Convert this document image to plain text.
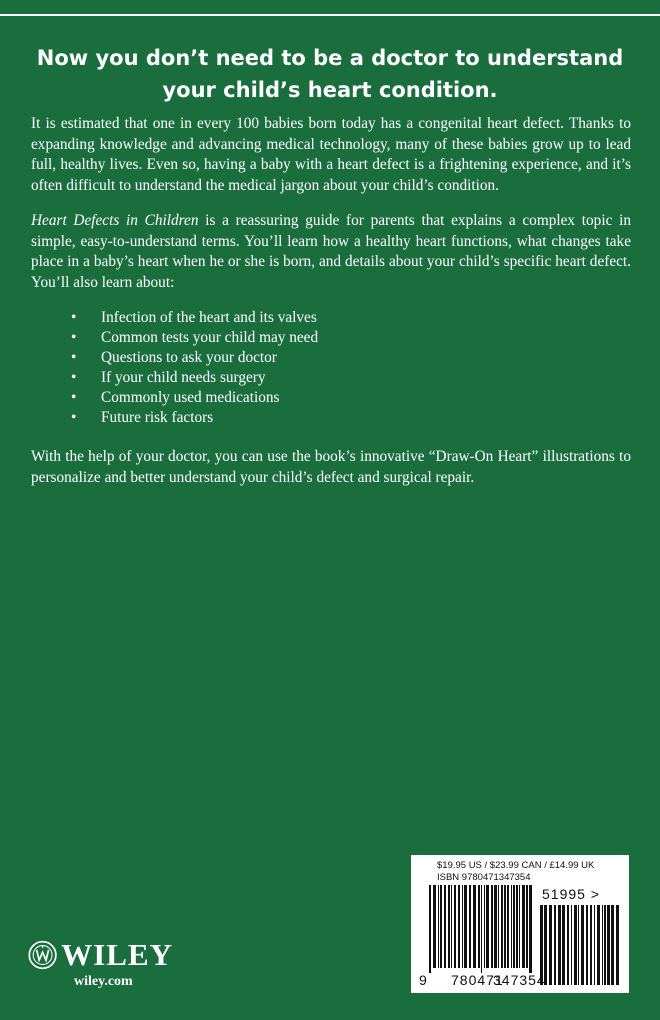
Now you don’t need to be a doctor to understand your child’s heart condition.

It is estimated that one in every 100 babies born today has a congenital heart defect. Thanks to expanding knowledge and advancing medical technology, many of these babies grow up to lead full, healthy lives. Even so, having a baby with a heart defect is a frightening experience, and it’s often difficult to understand the medical jargon about your child’s condition.

Heart Defects in Children is a reassuring guide for parents that explains a complex topic in simple, easy-to-understand terms. You’ll learn how a healthy heart functions, what changes take place in a baby’s heart when he or she is born, and details about your child’s specific heart defect. You’ll also learn about:

• Infection of the heart and its valves
• Common tests your child may need
• Questions to ask your doctor
• If your child needs surgery
• Commonly used medications
• Future risk factors

With the help of your doctor, you can use the book’s innovative “Draw-On Heart” illustrations to personalize and better understand your child’s defect and surgical repair.

WILEY
wiley.com
$19.95 US / $23.99 CAN / £14.99 UK
ISBN 9780471347354
51995 >
9 780471
347354
